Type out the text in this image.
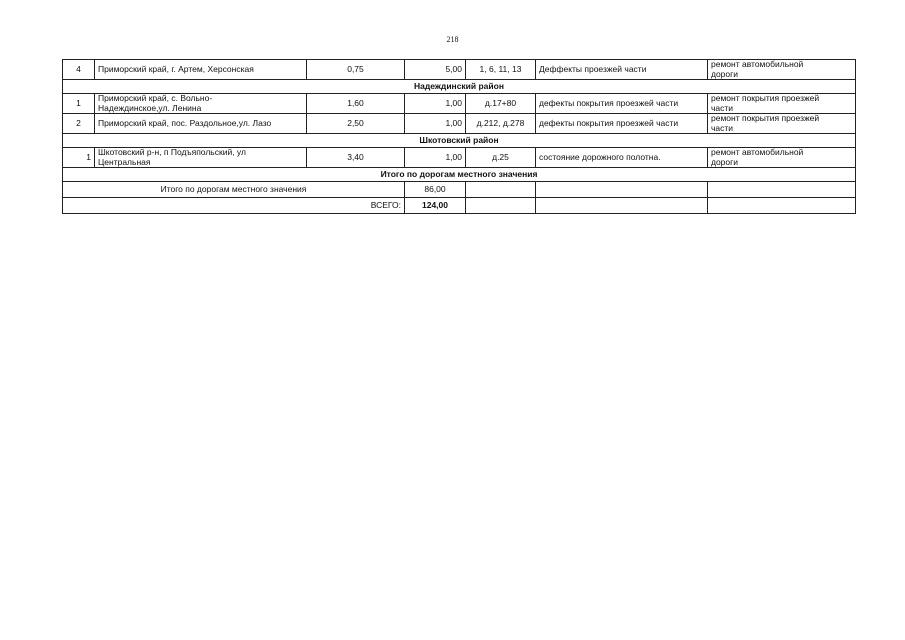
218
4	Приморский край, г. Артем, Херсонская	0,75	5,00	1, 6, 11, 13	Деффекты проезжей части	ремонт автомобильной
дороги
Надеждинский район						
1	Приморский край, с. Вольно-
Надеждинское,ул. Ленина	1,60	1,00	д.17+80	дефекты покрытия проезжей части	ремонт покрытия проезжей
части
2	Приморский край, пос. Раздольное,ул. Лазо	2,50	1,00	д.212, д.278	дефекты покрытия проезжей части	ремонт покрытия проезжей
части
Шкотовский район						
1	Шкотовский р-н, п Подъяпольский, ул
Центральная	3,40	1,00	д.25	состояние дорожного полотна.	ремонт автомобильной
дороги
Итого по дорогам местного значения						
Итого по дорогам местного значения			86,00			
ВСЕГО:			124,00			
